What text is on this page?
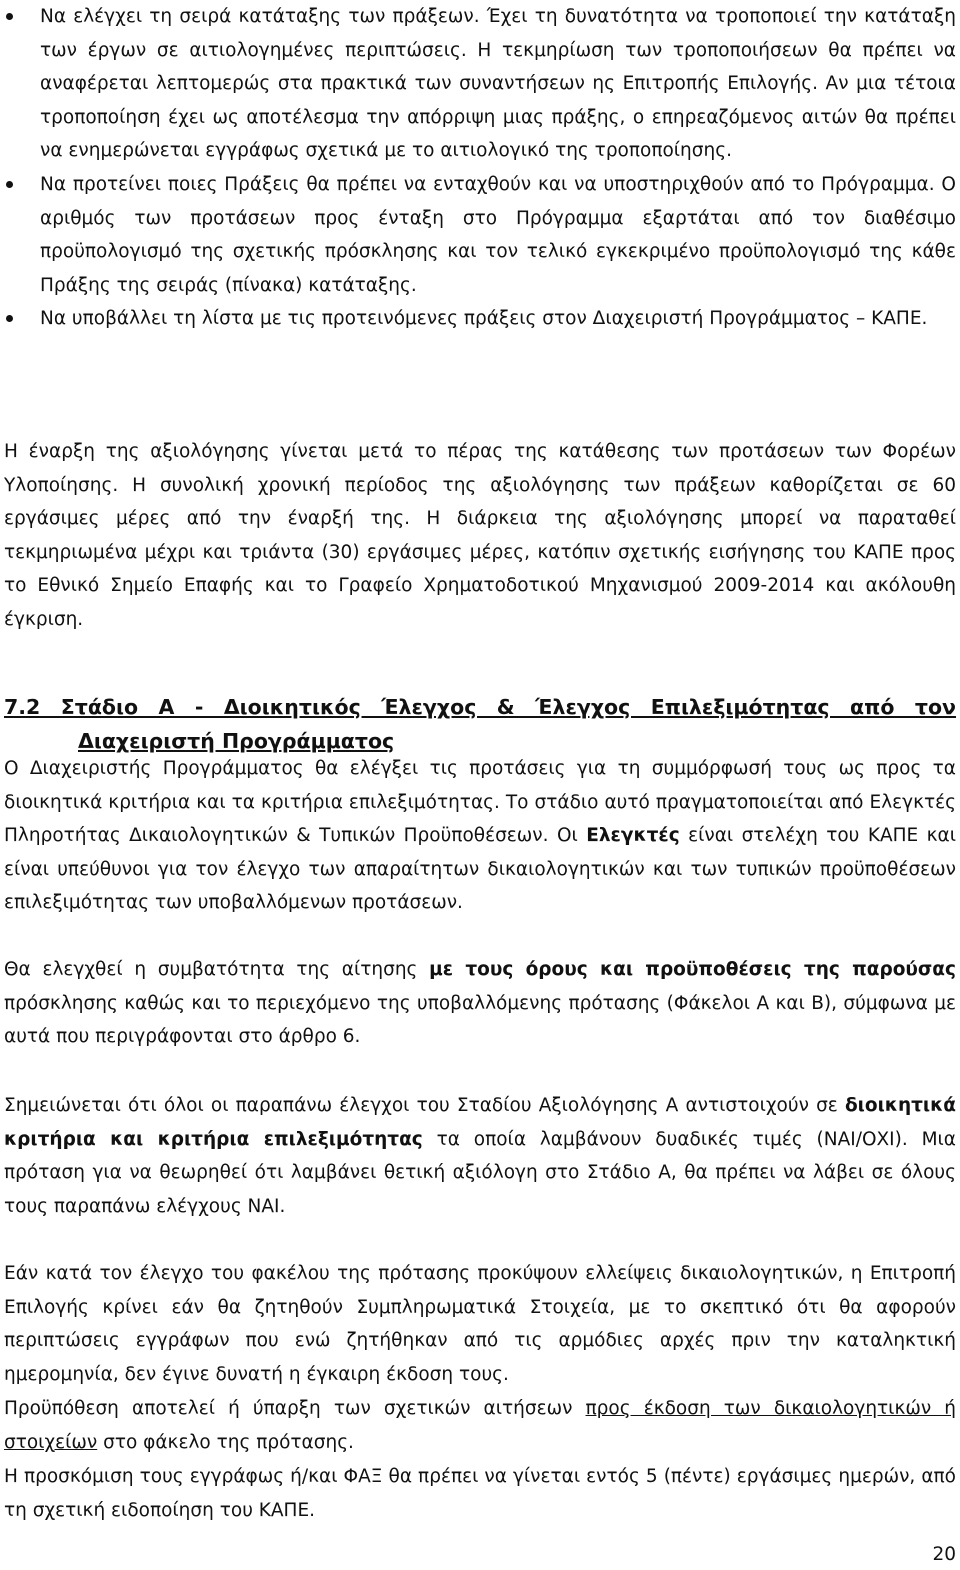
Να ελέγχει τη σειρά κατάταξης των πράξεων. Έχει τη δυνατότητα να τροποποιεί την κατάταξη των έργων σε αιτιολογημένες περιπτώσεις. Η τεκμηρίωση των τροποποιήσεων θα πρέπει να αναφέρεται λεπτομερώς στα πρακτικά των συναντήσεων ης Επιτροπής Επιλογής. Αν μια τέτοια τροποποίηση έχει ως αποτέλεσμα την απόρριψη μιας πράξης, ο επηρεαζόμενος αιτών θα πρέπει να ενημερώνεται εγγράφως σχετικά με το αιτιολογικό της τροποποίησης.
Να προτείνει ποιες Πράξεις θα πρέπει να ενταχθούν και να υποστηριχθούν από το Πρόγραμμα. Ο αριθμός των προτάσεων προς ένταξη στο Πρόγραμμα εξαρτάται από τον διαθέσιμο προϋπολογισμό της σχετικής πρόσκλησης και τον τελικό εγκεκριμένο προϋπολογισμό της κάθε Πράξης της σειράς (πίνακα) κατάταξης.
Να υποβάλλει τη λίστα με τις προτεινόμενες πράξεις στον Διαχειριστή Προγράμματος – ΚΑΠΕ.
Η έναρξη της αξιολόγησης γίνεται μετά το πέρας της κατάθεσης των προτάσεων των Φορέων Υλοποίησης. Η συνολική χρονική περίοδος της αξιολόγησης των πράξεων καθορίζεται σε 60 εργάσιμες μέρες από την έναρξή της. Η διάρκεια της αξιολόγησης μπορεί να παραταθεί τεκμηριωμένα μέχρι και τριάντα (30) εργάσιμες μέρες, κατόπιν σχετικής εισήγησης του ΚΑΠΕ προς το Εθνικό Σημείο Επαφής και το Γραφείο Χρηματοδοτικού Μηχανισμού 2009-2014 και ακόλουθη έγκριση.
7.2 Στάδιο Α - Διοικητικός Έλεγχος & Έλεγχος Επιλεξιμότητας από τον
Διαχειριστή Προγράμματος
Ο Διαχειριστής Προγράμματος θα ελέγξει τις προτάσεις για τη συμμόρφωσή τους ως προς τα διοικητικά κριτήρια και τα κριτήρια επιλεξιμότητας. Το στάδιο αυτό πραγματοποιείται από Ελεγκτές Πληροτήτας Δικαιολογητικών & Τυπικών Προϋποθέσεων. Οι Ελεγκτές είναι στελέχη του ΚΑΠΕ και είναι υπεύθυνοι για τον έλεγχο των απαραίτητων δικαιολογητικών και των τυπικών προϋποθέσεων επιλεξιμότητας των υποβαλλόμενων προτάσεων.
Θα ελεγχθεί η συμβατότητα της αίτησης με τους όρους και προϋποθέσεις της παρούσας πρόσκλησης καθώς και το περιεχόμενο της υποβαλλόμενης πρότασης (Φάκελοι Α και Β), σύμφωνα με αυτά που περιγράφονται στο άρθρο 6.
Σημειώνεται ότι όλοι οι παραπάνω έλεγχοι του Σταδίου Αξιολόγησης Α αντιστοιχούν σε διοικητικά κριτήρια και κριτήρια επιλεξιμότητας τα οποία λαμβάνουν δυαδικές τιμές (ΝΑΙ/ΟΧΙ). Μια πρόταση για να θεωρηθεί ότι λαμβάνει θετική αξιόλογη στο Στάδιο Α, θα πρέπει να λάβει σε όλους τους παραπάνω ελέγχους ΝΑΙ.
Εάν κατά τον έλεγχο του φακέλου της πρότασης προκύψουν ελλείψεις δικαιολογητικών, η Επιτροπή Επιλογής κρίνει εάν θα ζητηθούν Συμπληρωματικά Στοιχεία, με το σκεπτικό ότι θα αφορούν περιπτώσεις εγγράφων που ενώ ζητήθηκαν από τις αρμόδιες αρχές πριν την καταληκτική ημερομηνία, δεν έγινε δυνατή η έγκαιρη έκδοση τους.
Προϋπόθεση αποτελεί ή ύπαρξη των σχετικών αιτήσεων προς έκδοση των δικαιολογητικών ή στοιχείων στο φάκελο της πρότασης.
Η προσκόμιση τους εγγράφως ή/και ΦΑΞ θα πρέπει να γίνεται εντός 5 (πέντε) εργάσιμες ημερών, από τη σχετική ειδοποίηση του ΚΑΠΕ.
20
